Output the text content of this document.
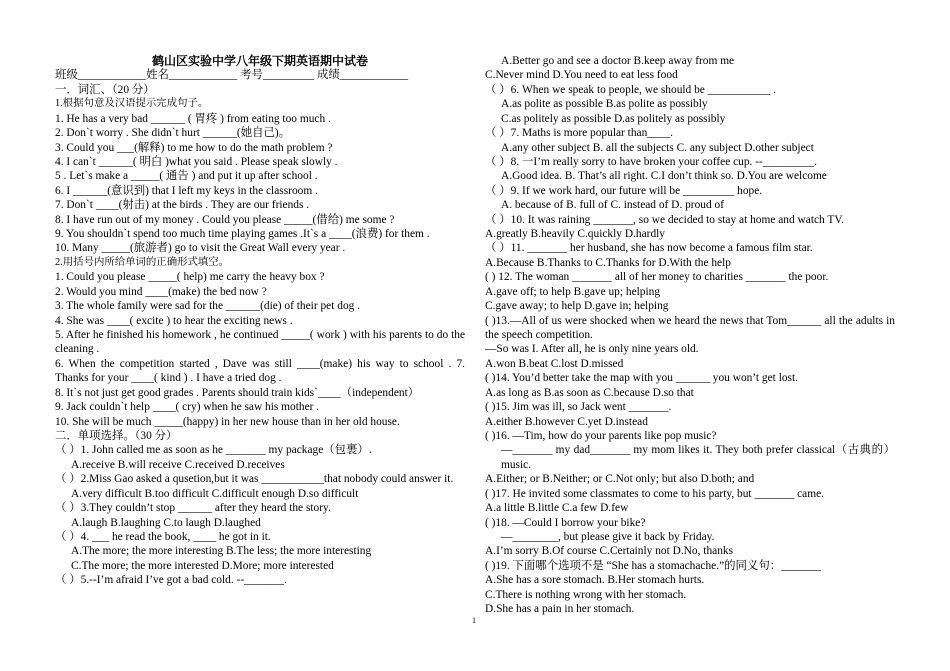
鹤山区实验中学八年级下期英语期中试卷
班级____________姓名____________ 考号_________ 成绩____________
一．词汇、（20 分）
1.根据句意及汉语提示完成句子。
1. He has a very bad ______ ( 胃疼 ) from eating too much .
2. Don`t worry . She didn`t hurt ______(她自己)。
3. Could you ___(解释) to me how to do the math problem ?
4. I can`t ______( 明白 )what you said . Please speak slowly .
5 . Let`s make a _____( 通告 ) and put it up after school .
6. I ______(意识到) that I left my keys in the classroom .
7. Don`t ____(射击) at the birds . They are our friends .
8. I have run out of my money . Could you please _____(借给) me some ?
9. You shouldn`t spend too much time playing games .It`s a ____(浪费) for them .
10. Many _____(旅游者) go to visit the Great Wall every year .
2.用括号内所给单词的正确形式填空。
1. Could you please _____( help) me carry the heavy box ?
2. Would you mind ____(make) the bed now ?
3. The whole family were sad for the ______(die) of their pet dog .
4. She was ____( excite ) to hear the exciting news .
5. After he finished his homework , he continued _____( work ) with his parents to do the cleaning .
6. When the competition started , Dave was still ____(make) his way to school . 7. Thanks for your ____( kind ) . I have a tried dog .
8. It`s not just get good grades . Parents should train kids`____（independent）
9. Jack couldn`t help ____( cry) when he saw his mother .
10. She will be much _____(happy) in her new house than in her old house.
二．单项选择。（30 分）
（ ）1. John called me as soon as he _______ my package（包裹）.
A.receive B.will receive C.received D.receives
（ ）2.Miss Gao asked a qusetion,but it was ___________that nobody could answer it.
A.very difficult B.too difficult C.difficult enough D.so difficult
（ ）3.They couldn’t stop ______ after they heard the story.
A.laugh B.laughing C.to laugh D.laughed
（ ）4. ___ he read the book, ____ he got in it.
A.The more; the more interesting B.The less; the more interesting
C.The more; the more interested D.More; more interested
（ ）5.--I’m afraid I’ve got a bad cold. --_______.
A.Better go and see a doctor B.keep away from me
C.Never mind D.You need to eat less food
（ ）6. When we speak to people, we should be ___________ .
A.as polite as possible B.as polite as possibly
C.as politely as possible D.as politely as possibly
（ ）7. Maths is more popular than____.
A.any other subject B. all the subjects C. any subject D.other subject
（ ）8. 一I’m really sorry to have broken your coffee cup. --_________.
A.Good idea. B. That’s all right. C.I don’t think so. D.You are welcome
（ ）9. If we work hard, our future will be _________ hope.
A. because of B. full of C. instead of D. proud of
（ ）10. It was raining _______, so we decided to stay at home and watch TV.
A.greatly B.heavily C.quickly D.hardly
（ ）11. _______ her husband, she has now become a famous film star.
A.Because B.Thanks to C.Thanks for D.With the help
( ) 12. The woman _______ all of her money to charities _______ the poor.
A.gave off; to help B.gave up; helping
C.gave away; to help D.gave in; helping
( )13.—All of us were shocked when we heard the news that Tom______ all the adults in the speech competition.
—So was I. After all, he is only nine years old.
A.won B.beat C.lost D.missed
( )14. You’d better take the map with you ______ you won’t get lost.
A.as long as B.as soon as C.because D.so that
( )15. Jim was ill, so Jack went _______.
A.either B.however C.yet D.instead
( )16. —Tim, how do your parents like pop music?
—_______ my dad_______ my mom likes it. They both prefer classical（古典的） music.
A.Either; or B.Neither; or C.Not only; but also D.both; and
( )17. He invited some classmates to come to his party, but _______ came.
A.a little B.little C.a few D.few
( )18. —Could I borrow your bike?
—________, but please give it back by Friday.
A.I’m sorry B.Of course C.Certainly not D.No, thanks
( )19. 下面哪个选项不是 “She has a stomachache.”的同义句：_______
A.She has a sore stomach. B.Her stomach hurts.
C.There is nothing wrong with her stomach.
D.She has a pain in her stomach.
1
